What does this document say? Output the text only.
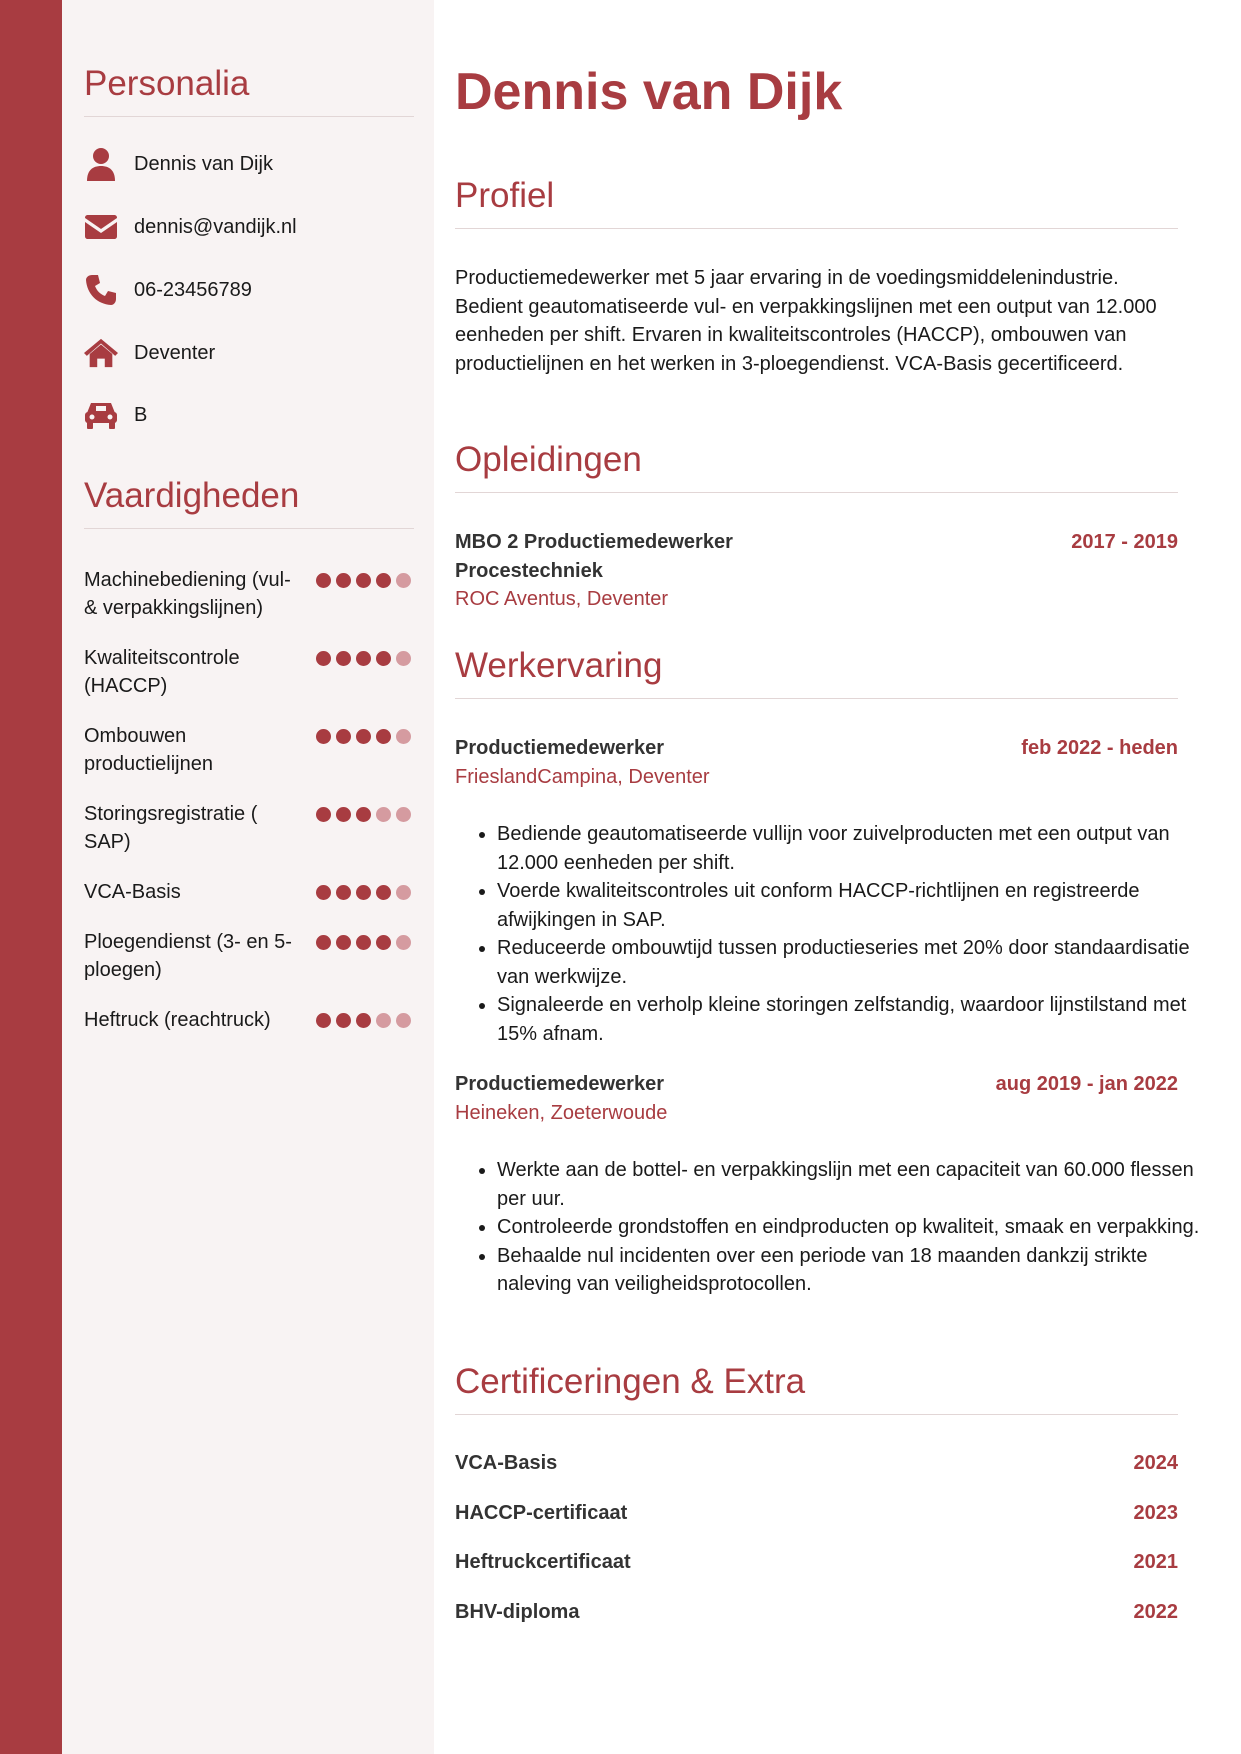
Personalia
Dennis van Dijk
dennis@vandijk.nl
06-23456789
Deventer
B
Vaardigheden
Machinebediening (vul- & verpakkingslijnen)
Kwaliteitscontrole (HACCP)
Ombouwen productielijnen
Storingsregistratie ( SAP)
VCA-Basis
Ploegendienst (3- en 5-ploegen)
Heftruck (reachtruck)
Dennis van Dijk
Profiel

Productiemedewerker met 5 jaar ervaring in de voedingsmiddelenindustrie. Bedient geautomatiseerde vul- en verpakkingslijnen met een output van 12.000 eenheden per shift. Ervaren in kwaliteitscontroles (HACCP), ombouwen van productielijnen en het werken in 3-ploegendienst. VCA-Basis gecertificeerd.

Opleidingen
MBO 2 Productiemedewerker Procestechniek
2017 - 2019
ROC Aventus, Deventer
Werkervaring
Productiemedewerker	feb 2022 - heden
FrieslandCampina, Deventer
• Bediende geautomatiseerde vullijn voor zuivelproducten met een output van 12.000 eenheden per shift.
• Voerde kwaliteitscontroles uit conform HACCP-richtlijnen en registreerde afwijkingen in SAP.
• Reduceerde ombouwtijd tussen productieseries met 20% door standaardisatie van werkwijze.
• Signaleerde en verholp kleine storingen zelfstandig, waardoor lijnstilstand met 15% afnam.
Productiemedewerker	aug 2019 - jan 2022
Heineken, Zoeterwoude
• Werkte aan de bottel- en verpakkingslijn met een capaciteit van 60.000 flessen per uur.
• Controleerde grondstoffen en eindproducten op kwaliteit, smaak en verpakking.
• Behaalde nul incidenten over een periode van 18 maanden dankzij strikte naleving van veiligheidsprotocollen.
Certificeringen & Extra
VCA-Basis	2024
HACCP-certificaat	2023
Heftruckcertificaat	2021
BHV-diploma	2022
